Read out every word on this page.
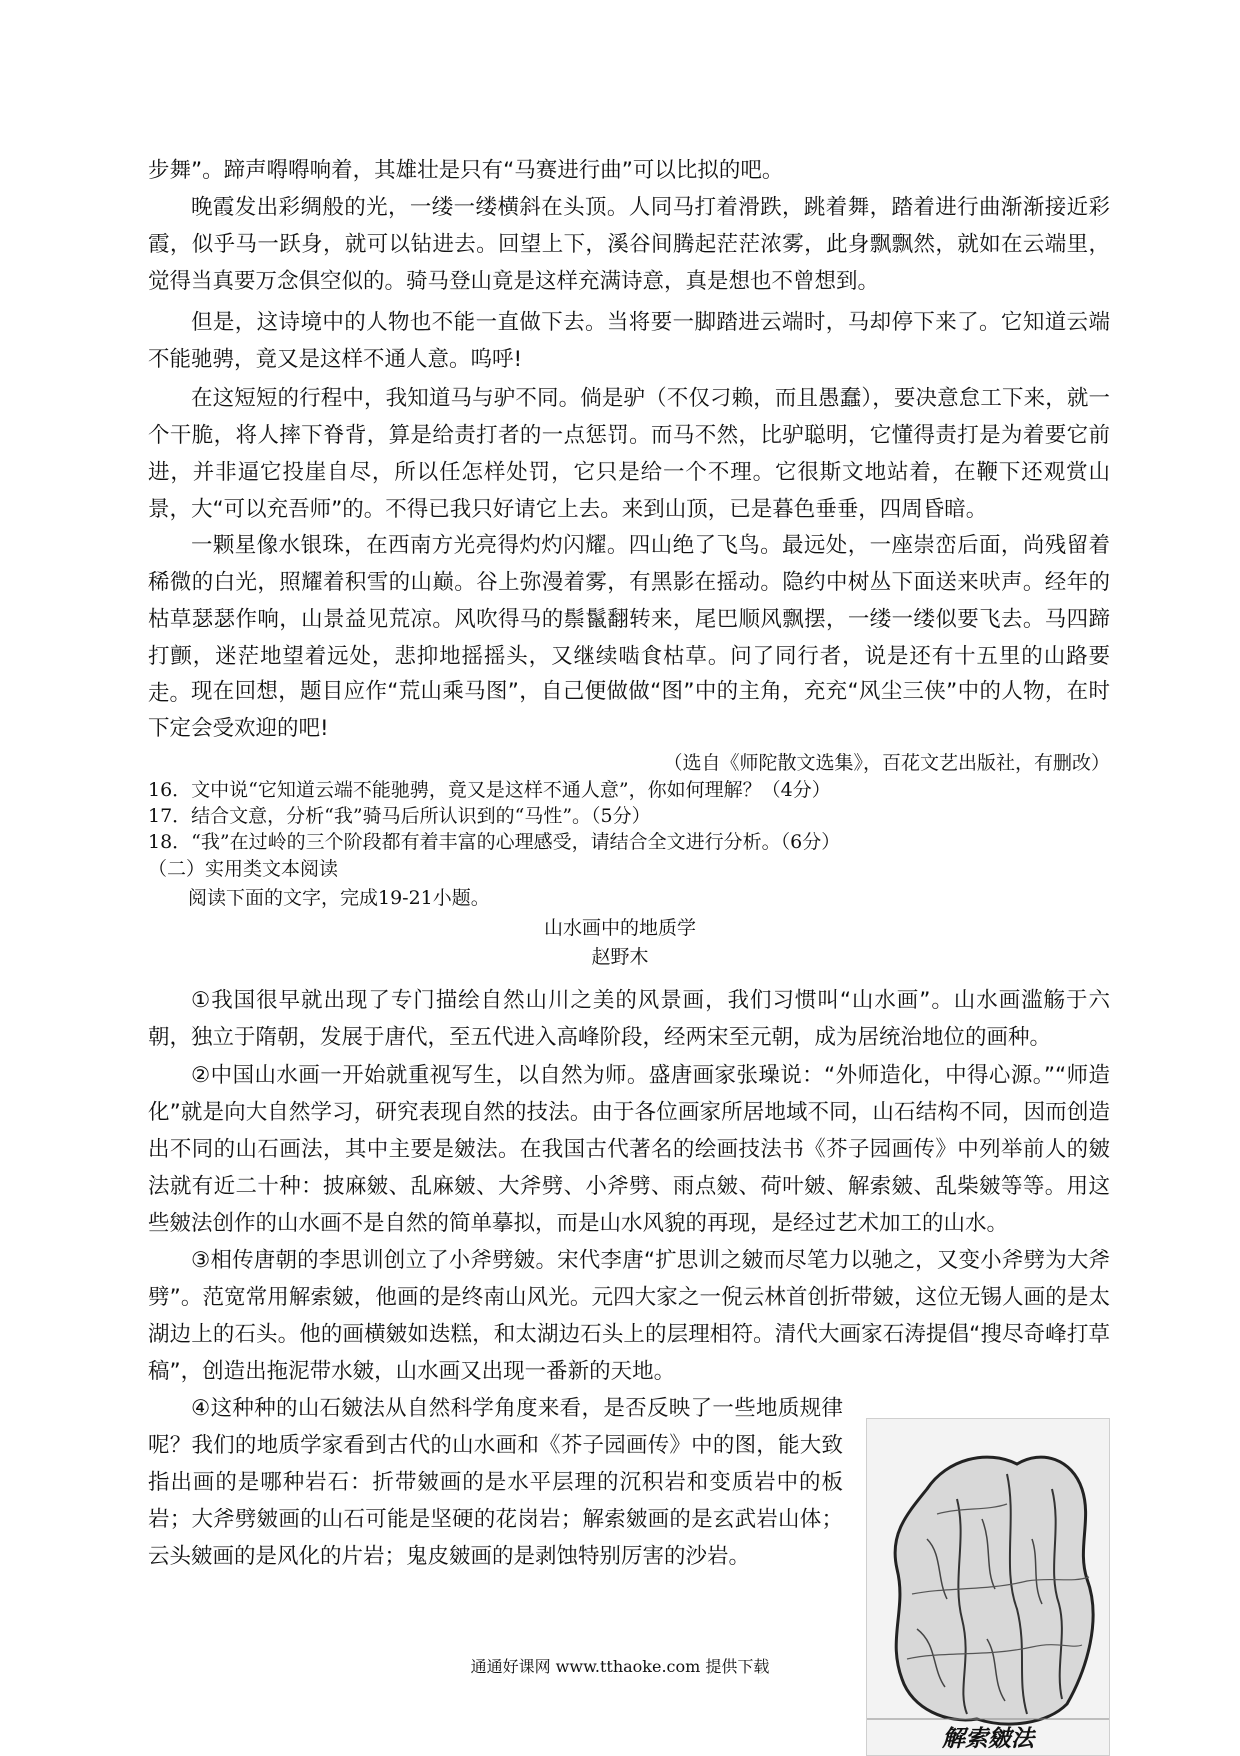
步舞”。蹄声嘚嘚响着，其雄壮是只有“马赛进行曲”可以比拟的吧。

晚霞发出彩绸般的光，一缕一缕横斜在头顶。人同马打着滑跌，跳着舞，踏着进行曲渐渐接近彩霞，似乎马一跃身，就可以钻进去。回望上下，溪谷间腾起茫茫浓雾，此身飘飘然，就如在云端里，觉得当真要万念俱空似的。骑马登山竟是这样充满诗意，真是想也不曾想到。

但是，这诗境中的人物也不能一直做下去。当将要一脚踏进云端时，马却停下来了。它知道云端不能驰骋，竟又是这样不通人意。呜呼!

在这短短的行程中，我知道马与驴不同。倘是驴（不仅刁赖，而且愚蠢），要决意怠工下来，就一个干脆，将人摔下脊背，算是给责打者的一点惩罚。而马不然，比驴聪明，它懂得责打是为着要它前进，并非逼它投崖自尽，所以任怎样处罚，它只是给一个不理。它很斯文地站着，在鞭下还观赏山景，大“可以充吾师”的。不得已我只好请它上去。来到山顶，已是暮色垂垂，四周昏暗。

一颗星像水银珠，在西南方光亮得灼灼闪耀。四山绝了飞鸟。最远处，一座崇峦后面，尚残留着稀微的白光，照耀着积雪的山巅。谷上弥漫着雾，有黑影在摇动。隐约中树丛下面送来吠声。经年的枯草瑟瑟作响，山景益见荒凉。风吹得马的鬃鬣翻转来，尾巴顺风飘摆，一缕一缕似要飞去。马四蹄打颤，迷茫地望着远处，悲抑地摇摇头，又继续啮食枯草。问了同行者，说是还有十五里的山路要走。 现在回想，题目应作“荒山乘马图”，自己便做做“图”中的主角，充充“风尘三侠”中的人物，在时下定会受欢迎的吧!

（选自《师陀散文选集》，百花文艺出版社，有删改）

16．文中说“它知道云端不能驰骋，竟又是这样不通人意”，你如何理解？（4分）

17．结合文意，分析“我”骑马后所认识到的“马性”。（5分）

18．“我”在过岭的三个阶段都有着丰富的心理感受，请结合全文进行分析。（6分）

（二）实用类文本阅读

阅读下面的文字，完成19-21小题。

山水画中的地质学
赵野木

①我国很早就出现了专门描绘自然山川之美的风景画，我们习惯叫“山水画”。山水画滥觞于六朝，独立于隋朝，发展于唐代，至五代进入高峰阶段，经两宋至元朝，成为居统治地位的画种。

②中国山水画一开始就重视写生，以自然为师。盛唐画家张璪说：“外师造化，中得心源。”“师造化”就是向大自然学习，研究表现自然的技法。由于各位画家所居地域不同，山石结构不同，因而创造出不同的山石画法，其中主要是皴法。在我国古代著名的绘画技法书《芥子园画传》中列举前人的皴法就有近二十种：披麻皴、乱麻皴、大斧劈、小斧劈、雨点皴、荷叶皴、解索皴、乱柴皴等等。用这些皴法创作的山水画不是自然的简单摹拟，而是山水风貌的再现，是经过艺术加工的山水。

③相传唐朝的李思训创立了小斧劈皴。宋代李唐“扩思训之皴而尽笔力以驰之，又变小斧劈为大斧劈”。范宽常用解索皴，他画的是终南山风光。元四大家之一倪云林首创折带皴，这位无锡人画的是太湖边上的石头。他的画横皴如迭糕，和太湖边石头上的层理相符。清代大画家石涛提倡“搜尽奇峰打草稿”，创造出拖泥带水皴，山水画又出现一番新的天地。

④这种种的山石皴法从自然科学角度来看，是否反映了一些地质规律呢？我们的地质学家看到古代的山水画和《芥子园画传》中的图，能大致指出画的是哪种岩石：折带皴画的是水平层理的沉积岩和变质岩中的板岩；大斧劈皴画的山石可能是坚硬的花岗岩；解索皴画的是玄武岩山体；云头皴画的是风化的片岩；鬼皮皴画的是剥蚀特别厉害的沙岩。

解索皴法
通通好课网 www.tthaoke.com 提供下载
